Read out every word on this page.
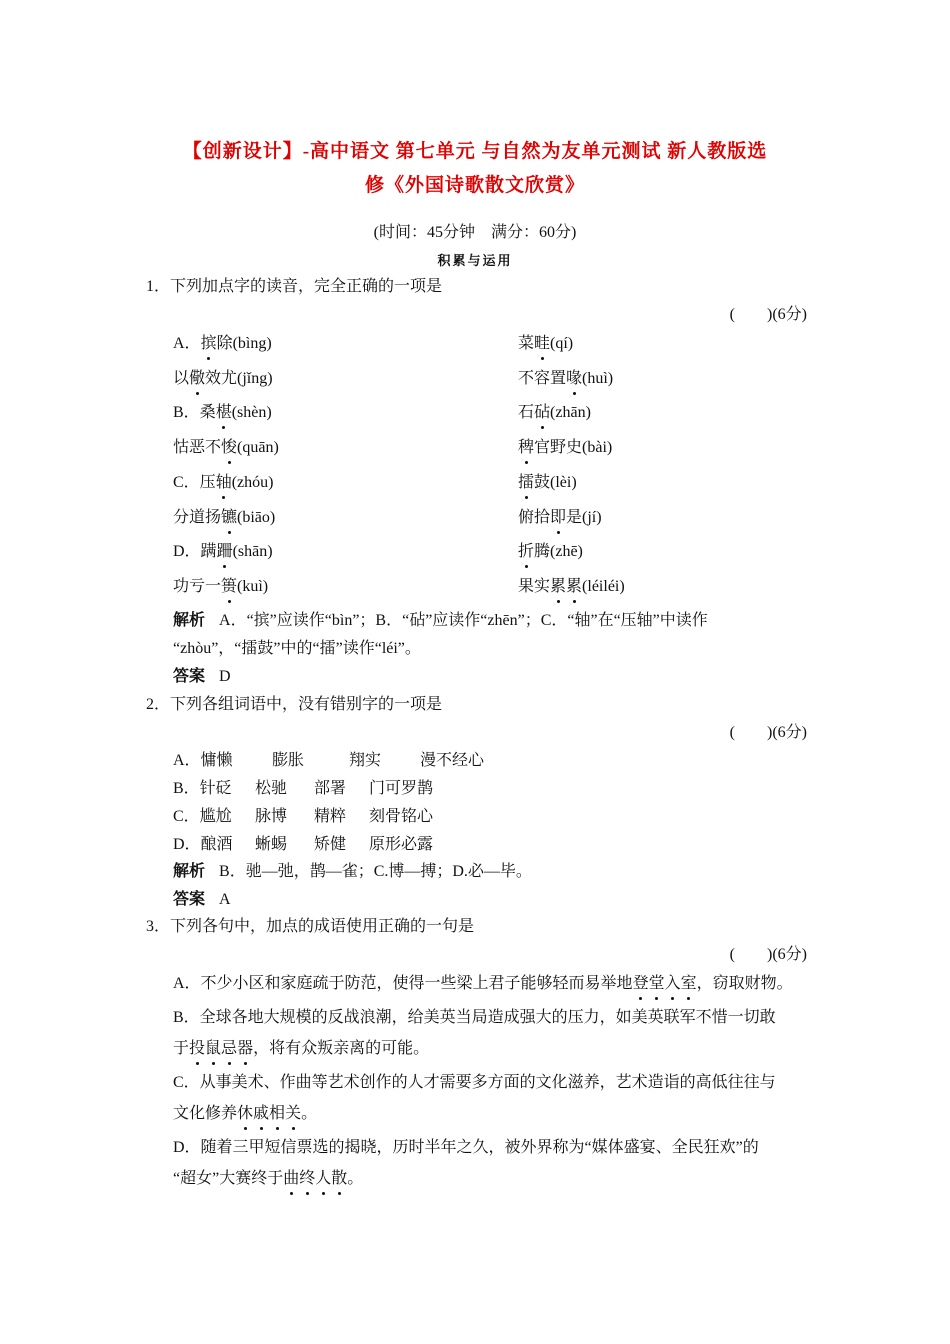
【创新设计】-高中语文 第七单元 与自然为友单元测试 新人教版选
修《外国诗歌散文欣赏》
(时间：45分钟　满分：60分)
积累与运用
1．下列加点字的读音，完全正确的一项是
(　　)(6分)
A．摈除(bìng)	菜畦(qí)
以儆效尤(jǐng)	不容置喙(huì)
B．桑椹(shèn)	石砧(zhān)
怙恶不悛(quān)	稗官野史(bài)
C．压轴(zhóu)	擂鼓(lèi)
分道扬镳(biāo)	俯拾即是(jí)
D．蹒跚(shān)	折腾(zhē)
功亏一篑(kuì)	果实累累(léiléi)
解析 A．“摈”应读作“bìn”；B．“砧”应读作“zhēn”；C．“轴”在“压轴”中读作
“zhòu”，“擂鼓”中的“擂”读作“léi”。
答案 D
2．下列各组词语中，没有错别字的一项是
(　　)(6分)
A．慵懒 膨胀	翔实 漫不经心
B．针砭 松驰 部署 门可罗鹊
C．尴尬 脉博 精粹 刻骨铭心
D．酿酒 蜥蜴 矫健 原形必露
解析 B．驰—弛，鹊—雀；C.博—搏；D.必—毕。
答案 A
3．下列各句中，加点的成语使用正确的一句是
(　　)(6分)
A．不少小区和家庭疏于防范，使得一些梁上君子能够轻而易举地登堂入室，窃取财物。
B．全球各地大规模的反战浪潮，给美英当局造成强大的压力，如美英联军不惜一切敢
于投鼠忌器，将有众叛亲离的可能。
C．从事美术、作曲等艺术创作的人才需要多方面的文化滋养，艺术造诣的高低往往与
文化修养休戚相关。
D．随着三甲短信票选的揭晓，历时半年之久，被外界称为“媒体盛宴、全民狂欢”的
“超女”大赛终于曲终人散。
